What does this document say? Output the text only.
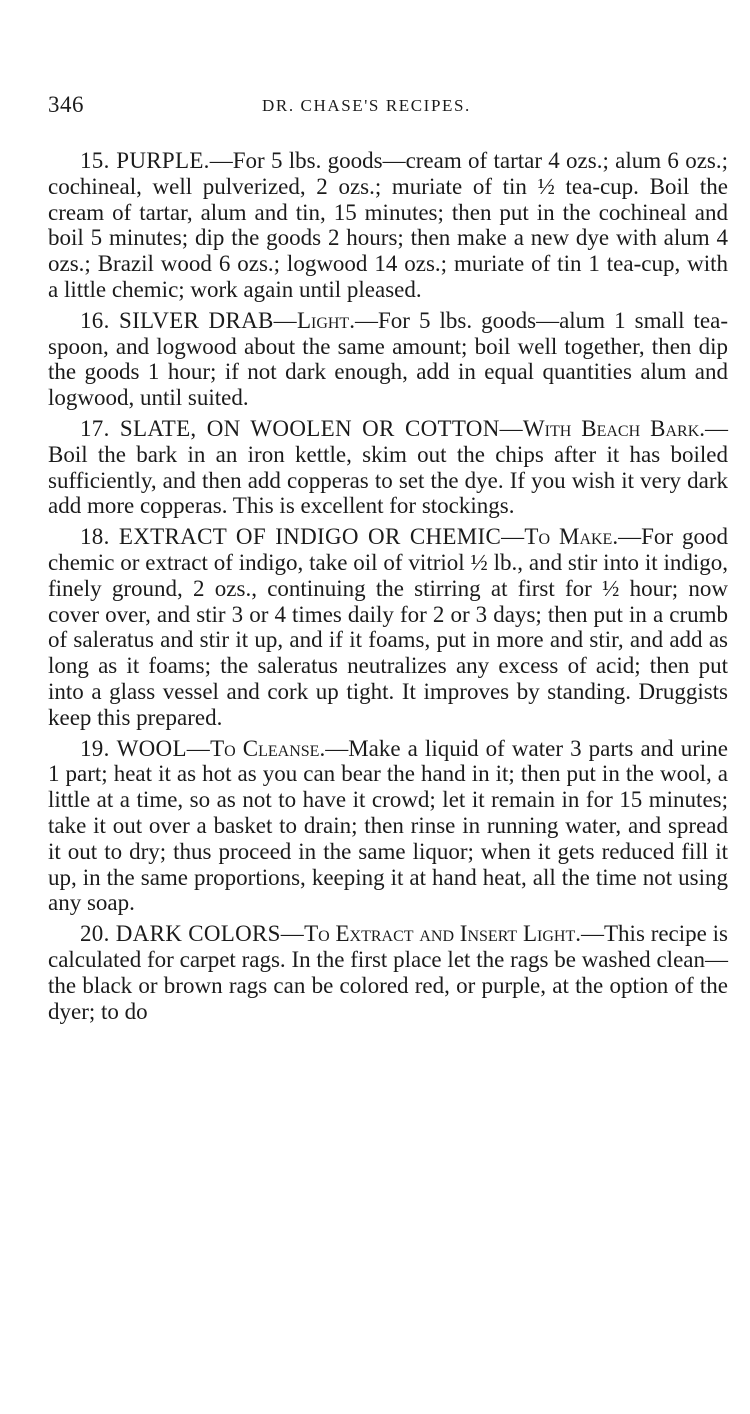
346	DR. CHASE'S RECIPES.

15. PURPLE.—For 5 lbs. goods—cream of tartar 4 ozs.; alum 6 ozs.; cochineal, well pulverized, 2 ozs.; muriate of tin ½ tea-cup. Boil the cream of tartar, alum and tin, 15 minutes; then put in the cochineal and boil 5 minutes; dip the goods 2 hours; then make a new dye with alum 4 ozs.; Brazil wood 6 ozs.; logwood 14 ozs.; muriate of tin 1 tea-cup, with a little chemic; work again until pleased.

16. SILVER DRAB—Light.—For 5 lbs. goods—alum 1 small tea-spoon, and logwood about the same amount; boil well together, then dip the goods 1 hour; if not dark enough, add in equal quantities alum and logwood, until suited.

17. SLATE, ON WOOLEN OR COTTON—With Beach Bark.—Boil the bark in an iron kettle, skim out the chips after it has boiled sufficiently, and then add copperas to set the dye. If you wish it very dark add more copperas. This is excellent for stockings.

18. EXTRACT OF INDIGO OR CHEMIC—To Make.—For good chemic or extract of indigo, take oil of vitriol ½ lb., and stir into it indigo, finely ground, 2 ozs., continuing the stirring at first for ½ hour; now cover over, and stir 3 or 4 times daily for 2 or 3 days; then put in a crumb of saleratus and stir it up, and if it foams, put in more and stir, and add as long as it foams; the saleratus neutralizes any excess of acid; then put into a glass vessel and cork up tight. It improves by standing. Druggists keep this prepared.

19. WOOL—To Cleanse.—Make a liquid of water 3 parts and urine 1 part; heat it as hot as you can bear the hand in it; then put in the wool, a little at a time, so as not to have it crowd; let it remain in for 15 minutes; take it out over a basket to drain; then rinse in running water, and spread it out to dry; thus proceed in the same liquor; when it gets reduced fill it up, in the same proportions, keeping it at hand heat, all the time not using any soap.

20. DARK COLORS—To Extract and Insert Light.—This recipe is calculated for carpet rags. In the first place let the rags be washed clean—the black or brown rags can be colored red, or purple, at the option of the dyer; to do
